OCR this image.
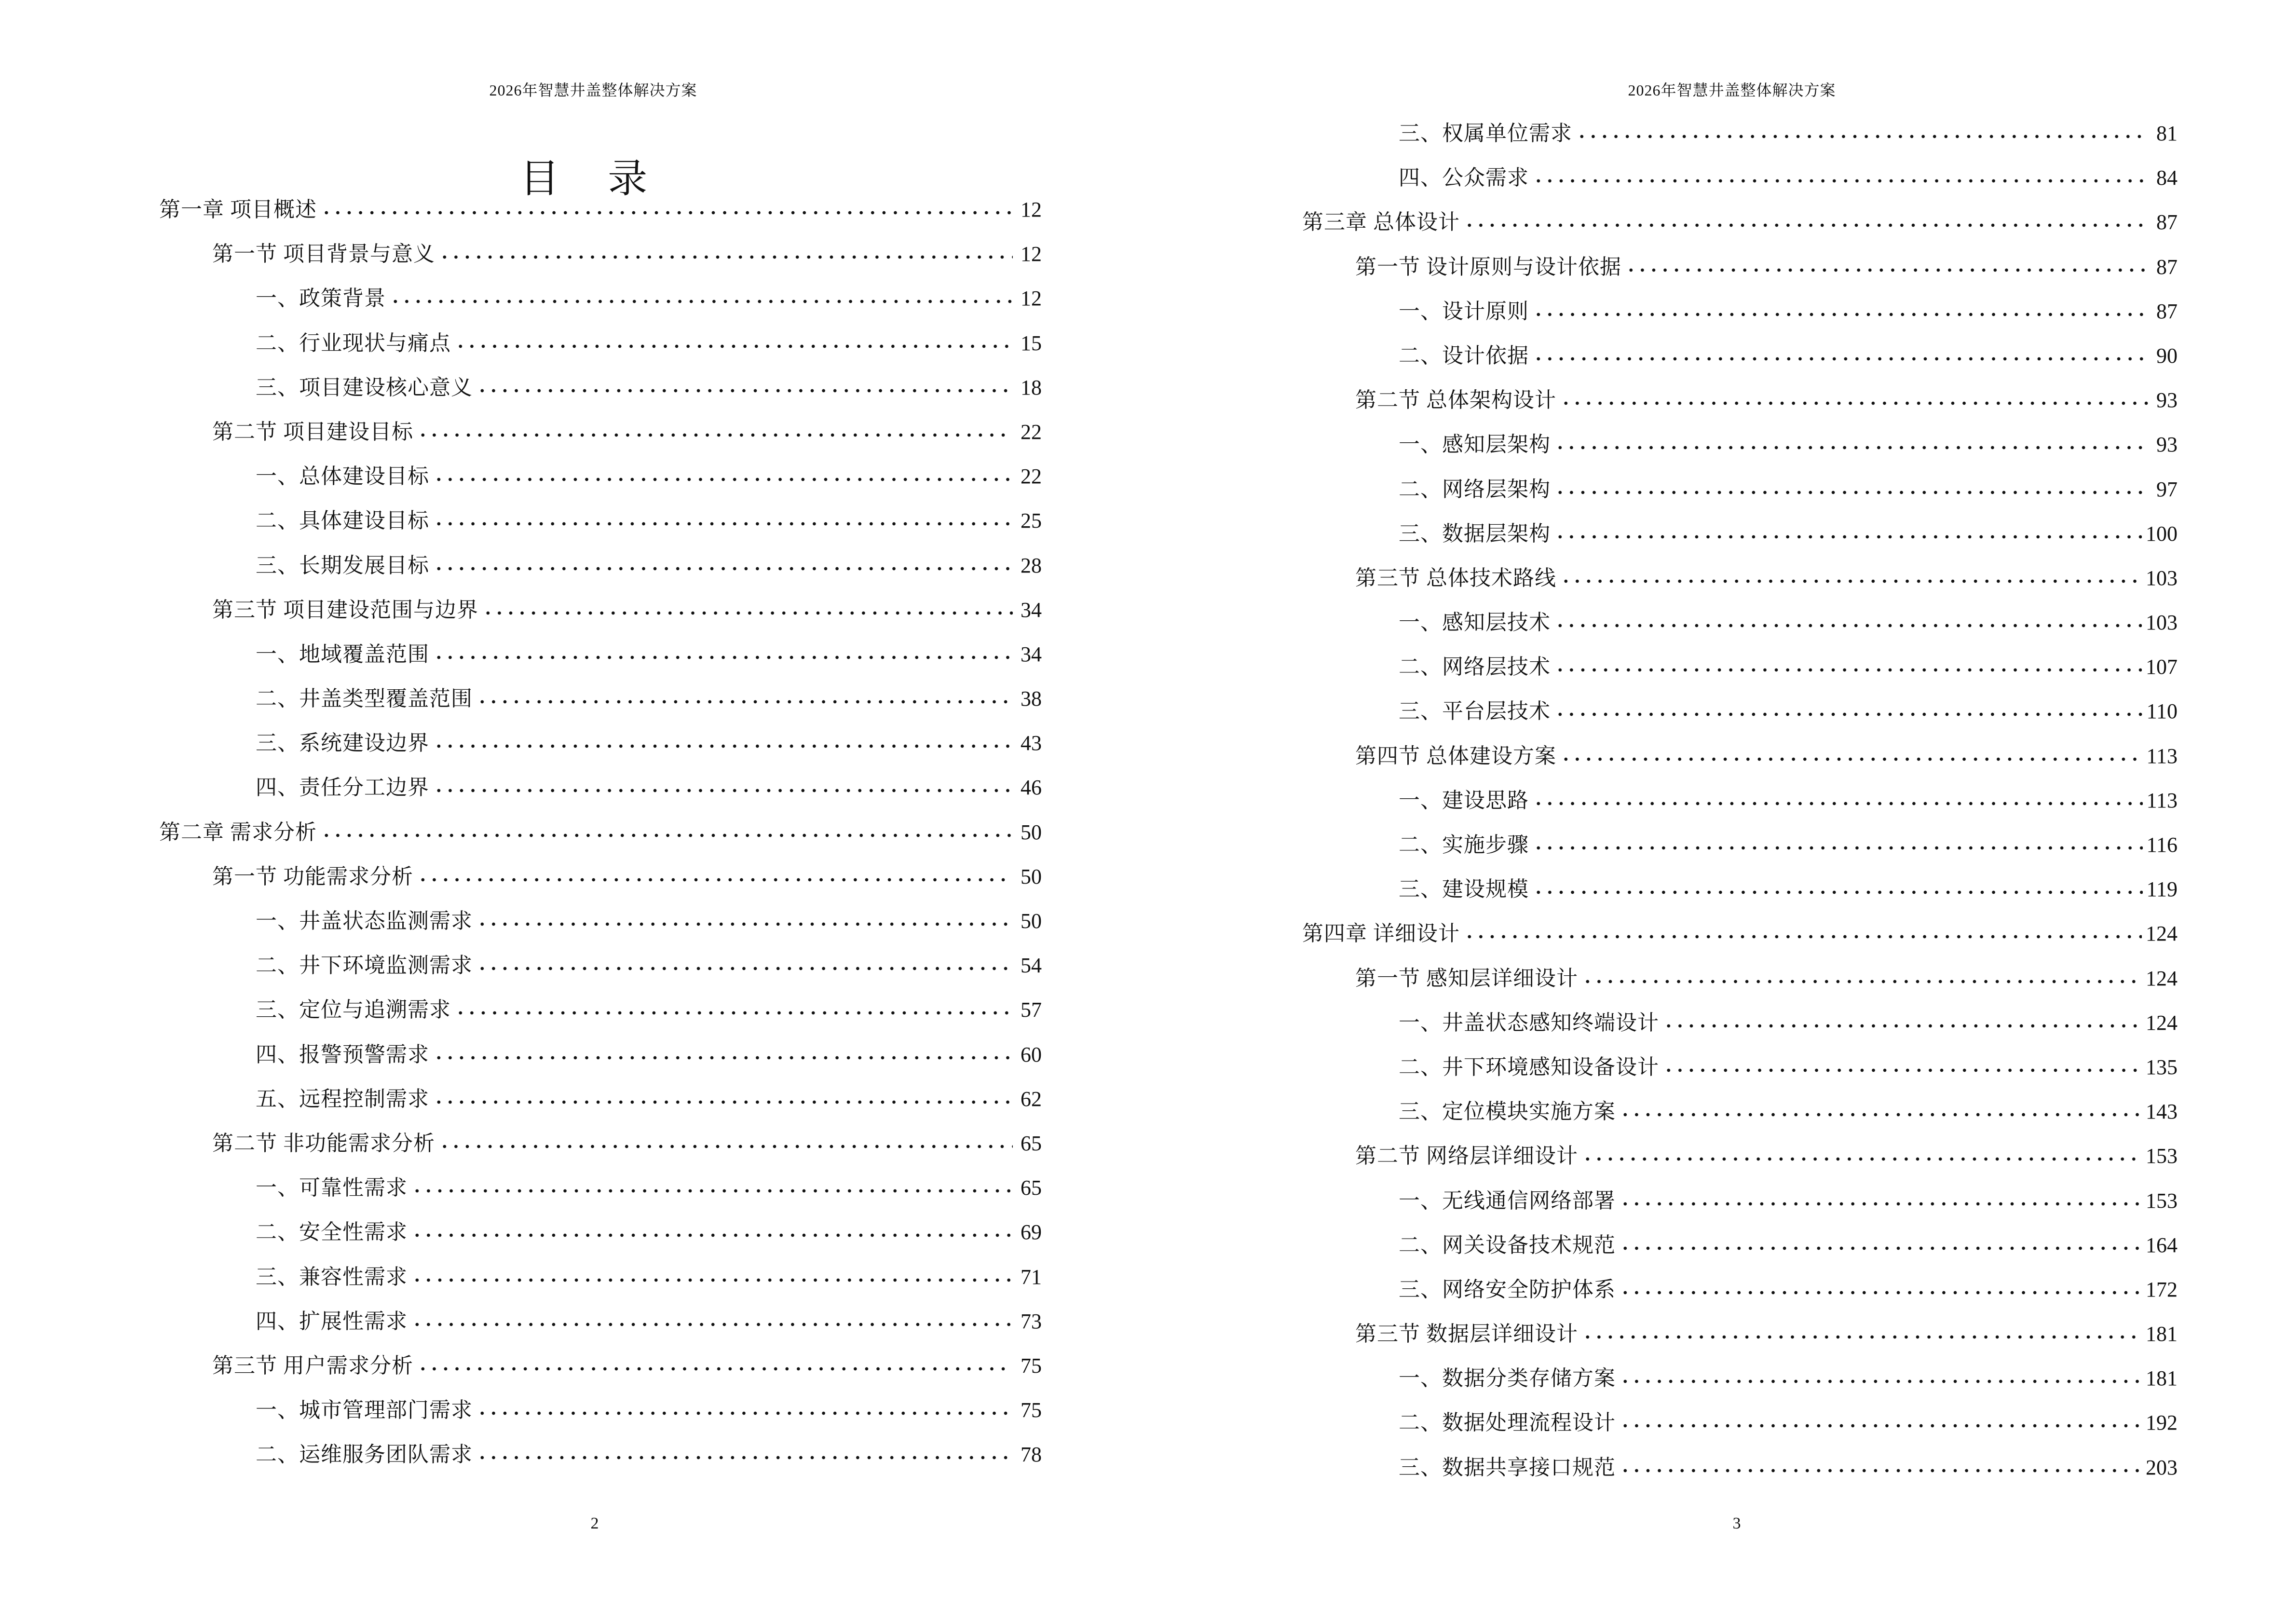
2026年智慧井盖整体解决方案
目 录
第一章 项目概述	12
第一节 项目背景与意义	12
一、政策背景	12
二、行业现状与痛点	15
三、项目建设核心意义	18
第二节 项目建设目标	22
一、总体建设目标	22
二、具体建设目标	25
三、长期发展目标	28
第三节 项目建设范围与边界	34
一、地域覆盖范围	34
二、井盖类型覆盖范围	38
三、系统建设边界	43
四、责任分工边界	46
第二章 需求分析	50
第一节 功能需求分析	50
一、井盖状态监测需求	50
二、井下环境监测需求	54
三、定位与追溯需求	57
四、报警预警需求	60
五、远程控制需求	62
第二节 非功能需求分析	65
一、可靠性需求	65
二、安全性需求	69
三、兼容性需求	71
四、扩展性需求	73
第三节 用户需求分析	75
一、城市管理部门需求	75
二、运维服务团队需求	78
2
2026年智慧井盖整体解决方案
三、权属单位需求	81
四、公众需求	84
第三章 总体设计	87
第一节 设计原则与设计依据	87
一、设计原则	87
二、设计依据	90
第二节 总体架构设计	93
一、感知层架构	93
二、网络层架构	97
三、数据层架构	100
第三节 总体技术路线	103
一、感知层技术	103
二、网络层技术	107
三、平台层技术	110
第四节 总体建设方案	113
一、建设思路	113
二、实施步骤	116
三、建设规模	119
第四章 详细设计	124
第一节 感知层详细设计	124
一、井盖状态感知终端设计	124
二、井下环境感知设备设计	135
三、定位模块实施方案	143
第二节 网络层详细设计	153
一、无线通信网络部署	153
二、网关设备技术规范	164
三、网络安全防护体系	172
第三节 数据层详细设计	181
一、数据分类存储方案	181
二、数据处理流程设计	192
三、数据共享接口规范	203
3
